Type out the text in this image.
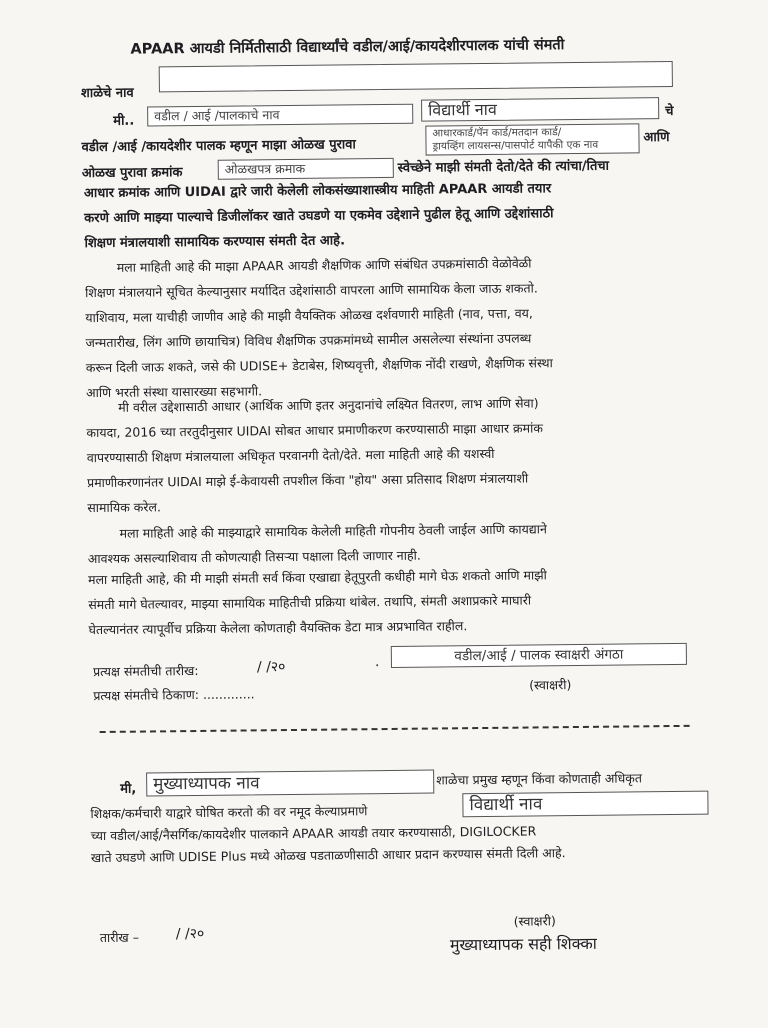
APAAR आयडी निर्मितीसाठी विद्यार्थ्यांचे वडील/आई/कायदेशीरपालक यांची संमती
शाळेचे नाव
मी..	वडील / आई /पालकाचे नाव	विद्यार्थी नाव	चे
वडील /आई /कायदेशीर पालक म्हणून माझा ओळख पुरावा
आधारकार्ड/पॅन कार्ड/मतदान कार्ड/
ड्रायव्हिंग लायसन्स/पासपोर्ट यापैकी एक नाव
आणि
ओळख पुरावा क्रमांक	ओळखपत्र क्रमाक	स्वेच्छेने माझी संमती देतो/देते की त्यांचा/तिचा

आधार क्रमांक आणि UIDAI द्वारे जारी केलेली लोकसंख्याशास्त्रीय माहिती APAAR आयडी तयार

करणे आणि माझ्या पाल्याचे डिजीलॉकर खाते उघडणे या एकमेव उद्देशाने पुढील हेतू आणि उद्देशांसाठी

शिक्षण मंत्रालयाशी सामायिक करण्यास संमती देत आहे.

मला माहिती आहे की माझा APAAR आयडी शैक्षणिक आणि संबंधित उपक्रमांसाठी वेळोवेळी

शिक्षण मंत्रालयाने सूचित केल्यानुसार मर्यादित उद्देशांसाठी वापरला आणि सामायिक केला जाऊ शकतो.

याशिवाय, मला याचीही जाणीव आहे की माझी वैयक्तिक ओळख दर्शवणारी माहिती (नाव, पत्ता, वय,

जन्मतारीख, लिंग आणि छायाचित्र) विविध शैक्षणिक उपक्रमांमध्ये सामील असलेल्या संस्थांना उपलब्ध

करून दिली जाऊ शकते, जसे की UDISE+ डेटाबेस, शिष्यवृत्ती, शैक्षणिक नोंदी राखणे, शैक्षणिक संस्था

आणि भरती संस्था यासारख्या सहभागी.

मी वरील उद्देशासाठी आधार (आर्थिक आणि इतर अनुदानांचे लक्ष्यित वितरण, लाभ आणि सेवा)

कायदा, 2016 च्या तरतुदीनुसार UIDAI सोबत आधार प्रमाणीकरण करण्यासाठी माझा आधार क्रमांक

वापरण्यासाठी शिक्षण मंत्रालयाला अधिकृत परवानगी देतो/देते. मला माहिती आहे की यशस्वी

प्रमाणीकरणानंतर UIDAI माझे ई-केवायसी तपशील किंवा "होय" असा प्रतिसाद शिक्षण मंत्रालयाशी

सामायिक करेल.

मला माहिती आहे की माझ्याद्वारे सामायिक केलेली माहिती गोपनीय ठेवली जाईल आणि कायद्याने

आवश्यक असल्याशिवाय ती कोणत्याही तिसऱ्या पक्षाला दिली जाणार नाही.

मला माहिती आहे, की मी माझी संमती सर्व किंवा एखाद्या हेतूपुरती कधीही मागे घेऊ शकतो आणि माझी

संमती मागे घेतल्यावर, माझ्या सामायिक माहितीची प्रक्रिया थांबेल. तथापि, संमती अशाप्रकारे माघारी

घेतल्यानंतर त्यापूर्वीच प्रक्रिया केलेला कोणताही वैयक्तिक डेटा मात्र अप्रभावित राहील.

प्रत्यक्ष संमतीची तारीख:	/ /२०
प्रत्यक्ष संमतीचे ठिकाण: .............
.	वडील/आई / पालक स्वाक्षरी अंगठा
(स्वाक्षरी)
मी, मुख्याध्यापक नाव	शाळेचा प्रमुख म्हणून किंवा कोणताही अधिकृत
शिक्षक/कर्मचारी याद्वारे घोषित करतो की वर नमूद केल्याप्रमाणे	विद्यार्थी नाव
च्या वडील/आई/नैसर्गिक/कायदेशीर पालकाने APAAR आयडी तयार करण्यासाठी, DIGILOCKER
खाते उघडणे आणि UDISE Plus मध्ये ओळख पडताळणीसाठी आधार प्रदान करण्यास संमती दिली आहे.
तारीख –	/ /२०
(स्वाक्षरी)
मुख्याध्यापक सही शिक्का
